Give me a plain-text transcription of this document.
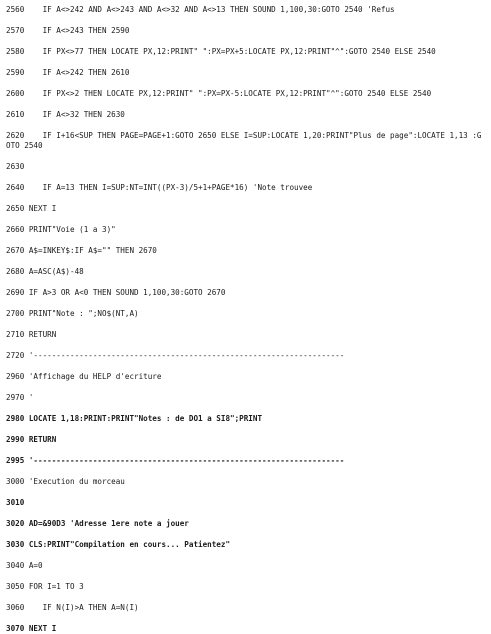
2560    IF A<>242 AND A<>243 AND A<>32 AND A<>13 THEN SOUND 1,100,30:GOTO 2540 'Refus
2570    IF A<>243 THEN 2590
2580    IF PX<>77 THEN LOCATE PX,12:PRINT" ":PX=PX+5:LOCATE PX,12:PRINT"^":GOTO 2540 ELSE 2540
2590    IF A<>242 THEN 2610
2600    IF PX<>2 THEN LOCATE PX,12:PRINT" ":PX=PX-5:LOCATE PX,12:PRINT"^":GOTO 2540 ELSE 2540
2610    IF A<>32 THEN 2630
2620    IF I+16<SUP THEN PAGE=PAGE+1:GOTO 2650 ELSE I=SUP:LOCATE 1,20:PRINT"Plus de page":LOCATE 1,13 :GOTO 2540
2630
2640    IF A=13 THEN I=SUP:NT=INT((PX-3)/5+1+PAGE*16) 'Note trouvee
2650 NEXT I
2660 PRINT"Voie (1 a 3)"
2670 A$=INKEY$:IF A$="" THEN 2670
2680 A=ASC(A$)-48
2690 IF A>3 OR A<0 THEN SOUND 1,100,30:GOTO 2670
2700 PRINT"Note : ";NO$(NT,A)
2710 RETURN
2720 '--------------------------------------------------------------------
2960 'Affichage du HELP d'ecriture
2970 '
2980 LOCATE 1,18:PRINT:PRINT"Notes : de DO1 a SI8";PRINT
2990 RETURN
2995 '--------------------------------------------------------------------
3000 'Execution du morceau
3010
3020 AD=&90D3 'Adresse 1ere note a jouer
3030 CLS:PRINT"Compilation en cours... Patientez"
3040 A=0
3050 FOR I=1 TO 3
3060    IF N(I)>A THEN A=N(I)
3070 NEXT I
